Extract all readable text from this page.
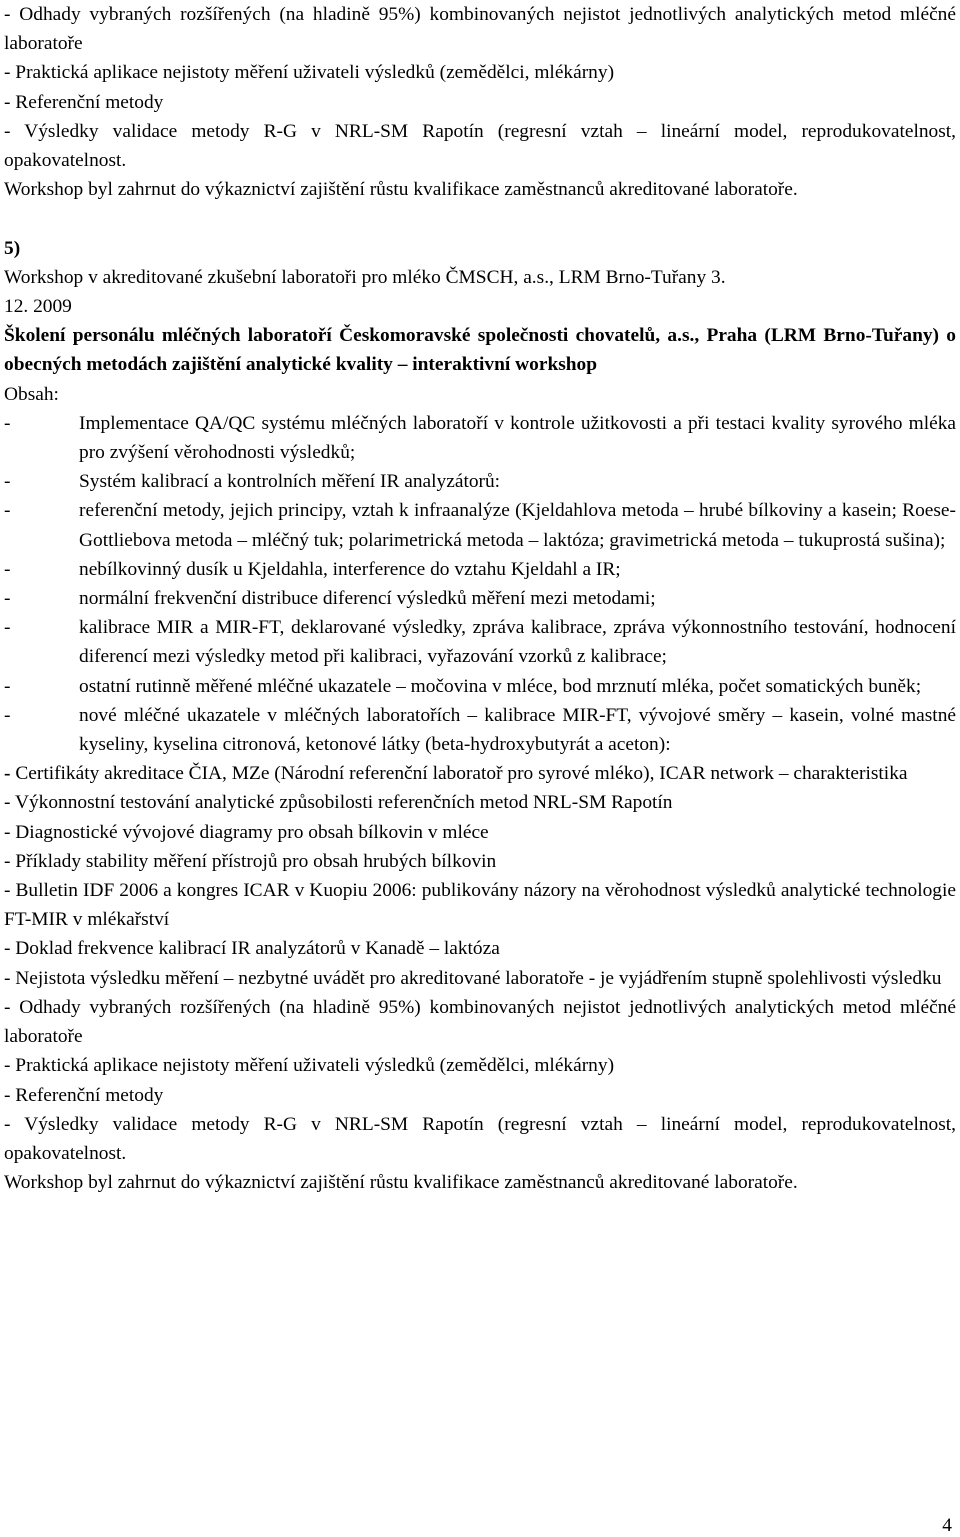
- Odhady vybraných rozšířených (na hladině 95%) kombinovaných nejistot jednotlivých analytických metod mléčné laboratoře

- Praktická aplikace nejistoty měření uživateli výsledků (zemědělci, mlékárny)

- Referenční metody

- Výsledky validace metody R-G v NRL-SM Rapotín (regresní vztah – lineární model, reprodukovatelnost, opakovatelnost.

Workshop byl zahrnut do výkaznictví zajištění růstu kvalifikace zaměstnanců akreditované laboratoře.

5)

Workshop v akreditované zkušební laboratoři pro mléko ČMSCH, a.s., LRM Brno-Tuřany 3.

12. 2009

Školení personálu mléčných laboratoří Českomoravské společnosti chovatelů, a.s., Praha (LRM Brno-Tuřany) o obecných metodách zajištění analytické kvality – interaktivní workshop

Obsah:

-	Implementace QA/QC systému mléčných laboratoří v kontrole užitkovosti a při testaci kvality syrového mléka pro zvýšení věrohodnosti výsledků;

-	Systém kalibrací a kontrolních měření IR analyzátorů:

-	referenční metody, jejich principy, vztah k infraanalýze (Kjeldahlova metoda – hrubé bílkoviny a kasein; Roese-Gottliebova metoda – mléčný tuk; polarimetrická metoda – laktóza; gravimetrická metoda – tukuprostá sušina);

-	nebílkovinný dusík u Kjeldahla, interference do vztahu Kjeldahl a IR;

-	normální frekvenční distribuce diferencí výsledků měření mezi metodami;

-	kalibrace MIR a MIR-FT, deklarované výsledky, zpráva kalibrace, zpráva výkonnostního testování, hodnocení diferencí mezi výsledky metod při kalibraci, vyřazování vzorků z kalibrace;

-	ostatní rutinně měřené mléčné ukazatele – močovina v mléce, bod mrznutí mléka, počet somatických buněk;

-	nové mléčné ukazatele v mléčných laboratořích – kalibrace MIR-FT, vývojové směry – kasein, volné mastné kyseliny, kyselina citronová, ketonové látky (beta-hydroxybutyrát a aceton):

- Certifikáty akreditace ČIA, MZe (Národní referenční laboratoř pro syrové mléko), ICAR network – charakteristika

- Výkonnostní testování analytické způsobilosti referenčních metod NRL-SM Rapotín

- Diagnostické vývojové diagramy pro obsah bílkovin v mléce

- Příklady stability měření přístrojů pro obsah hrubých bílkovin

- Bulletin IDF 2006 a kongres ICAR v Kuopiu 2006: publikovány názory na věrohodnost výsledků analytické technologie FT-MIR v mlékařství

- Doklad frekvence kalibrací IR analyzátorů v Kanadě – laktóza

- Nejistota výsledku měření – nezbytné uvádět pro akreditované laboratoře - je vyjádřením stupně spolehlivosti výsledku

- Odhady vybraných rozšířených (na hladině 95%) kombinovaných nejistot jednotlivých analytických metod mléčné laboratoře

- Praktická aplikace nejistoty měření uživateli výsledků (zemědělci, mlékárny)

- Referenční metody

- Výsledky validace metody R-G v NRL-SM Rapotín (regresní vztah – lineární model, reprodukovatelnost, opakovatelnost.

Workshop byl zahrnut do výkaznictví zajištění růstu kvalifikace zaměstnanců akreditované laboratoře.

4
